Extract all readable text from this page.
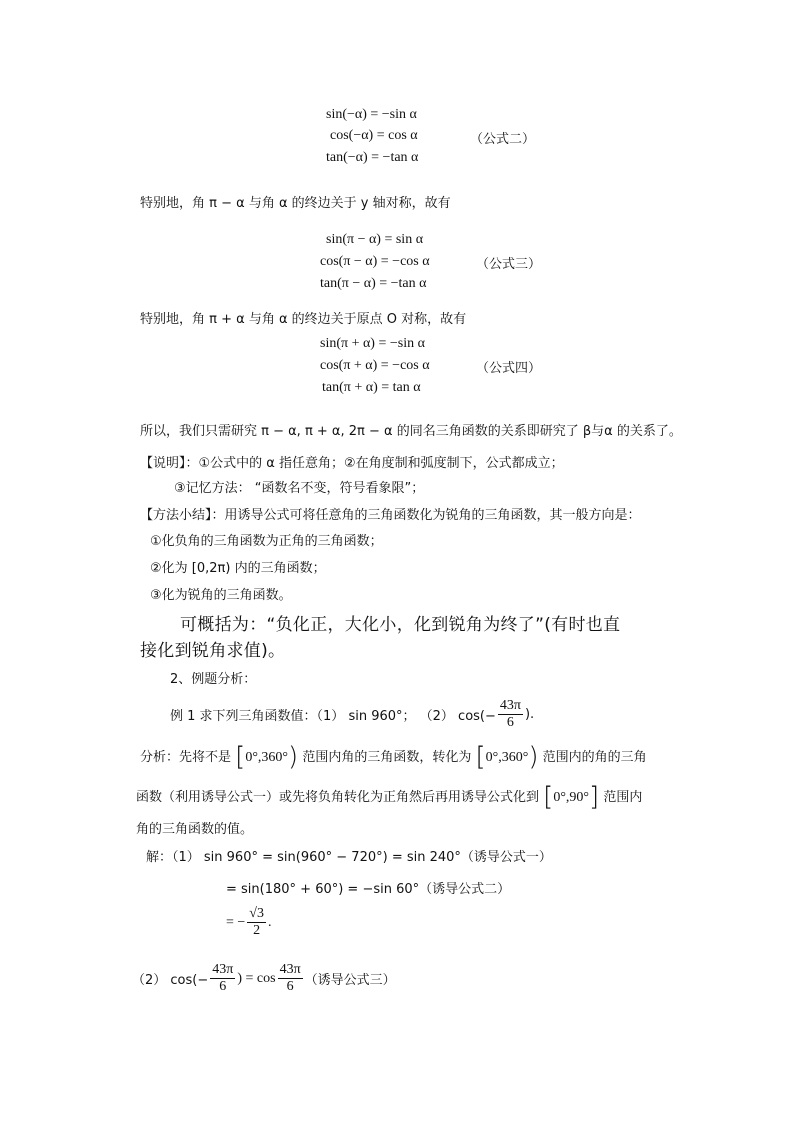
sin(−α) = −sin α
cos(−α) = cos α
tan(−α) = −tan α
（公式二）
特别地，角 π − α 与角 α 的终边关于 y 轴对称，故有
sin(π − α) = sin α
cos(π − α) = −cos α
tan(π − α) = −tan α
（公式三）
特别地，角 π + α 与角 α 的终边关于原点 O 对称，故有
sin(π + α) = −sin α
cos(π + α) = −cos α
tan(π + α) = tan α
（公式四）
所以，我们只需研究 π − α, π + α, 2π − α 的同名三角函数的关系即研究了 β与α 的关系了。
【说明】：①公式中的 α 指任意角；②在角度制和弧度制下，公式都成立；
③记忆方法： “函数名不变，符号看象限”；
【方法小结】：用诱导公式可将任意角的三角函数化为锐角的三角函数，其一般方向是：
①化负角的三角函数为正角的三角函数；
②化为 [0,2π) 内的三角函数；
③化为锐角的三角函数。
可概括为：“负化正，大化小，化到锐角为终了”(有时也直
接化到锐角求值)。
2、例题分析：
例 1 求下列三角函数值：（1） sin 960°； （2） $\cos(- \frac{43\pi}{6}$ ).
分析：先将不是 [0°,360°) 范围内角的三角函数，转化为 [0°,360°) 范围内的角的三角
函数（利用诱导公式一）或先将负角转化为正角然后再用诱导公式化到 [0°,90°] 范围内
角的三角函数的值。
解：（1） sin 960° = sin(960° − 720°) = sin 240°（诱导公式一）
= sin(180° + 60°) = −sin 60°（诱导公式二）
= − $\frac{√3}{2}$ .
（2） $\cos(- \frac{43\pi}{6}$ ) = $\cos \frac{43\pi}{6}$ （诱导公式三）
